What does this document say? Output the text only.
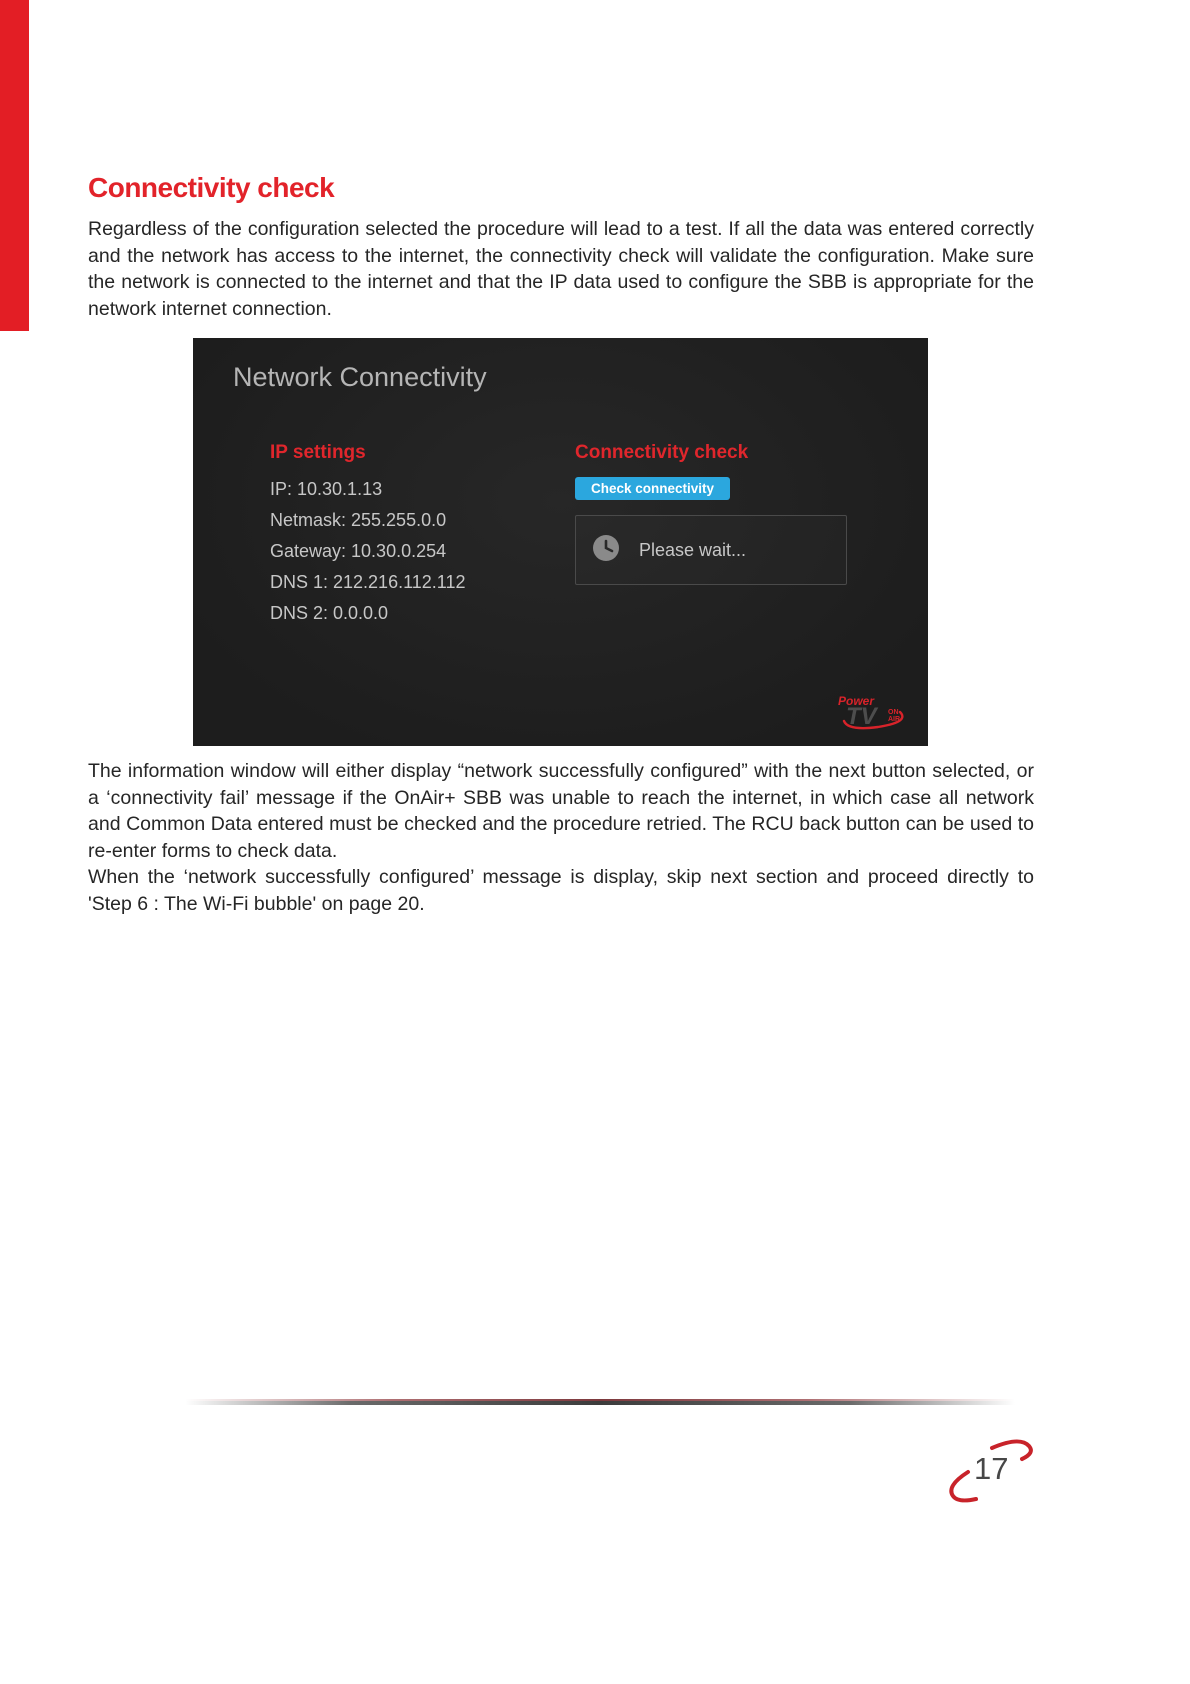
Connectivity check

Regardless of the configuration selected the procedure will lead to a test. If all the data was entered correctly and the network has access to the internet, the connectivity check will validate the configuration. Make sure the network is connected to the internet and that the IP data used to configure the SBB is appropriate for the network internet connection.

Network Connectivity
IP settings
IP: 10.30.1.13
Netmask: 255.255.0.0
Gateway: 10.30.0.254
DNS 1: 212.216.112.112
DNS 2: 0.0.0.0
Connectivity check
Check connectivity
Please wait...
Power
TV ON AIR

The information window will either display “network successfully configured” with the next button selected, or a ‘connectivity fail’ message if the OnAir+ SBB was unable to reach the internet, in which case all network and Common Data entered must be checked and the procedure retried. The RCU back button can be used to re-enter forms to check data.

When the ‘network successfully configured’ message is display, skip next section and proceed directly to 'Step 6 : The Wi-Fi bubble' on page 20.

17
